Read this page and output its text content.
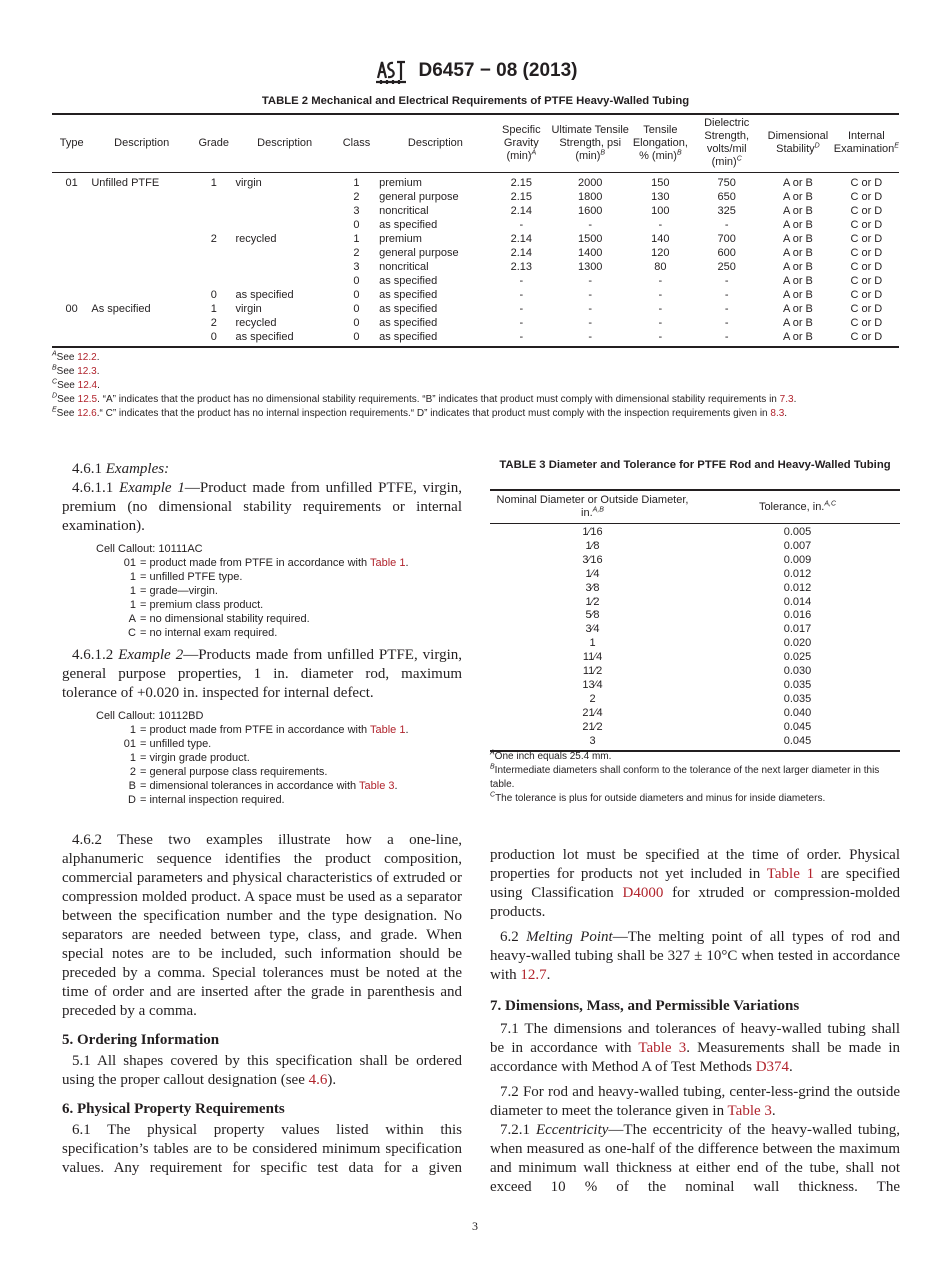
D6457 − 08 (2013)
TABLE 2 Mechanical and Electrical Requirements of PTFE Heavy-Walled Tubing
Type	Description	Grade	Description	Class	Description	Specific Gravity (min)$^A$	Ultimate Tensile Strength, psi (min)$^B$	Tensile Elongation, % (min)$^B$	Dielectric Strength, volts/mil (min)$^C$	Dimensional Stability$^D$	Internal Examination$^E$
01	Unfilled PTFE	1	virgin	1	premium	2.15	2000	150	750	A or B	C or D
				2	general purpose	2.15	1800	130	650	A or B	C or D
				3	noncritical	2.14	1600	100	325	A or B	C or D
				0	as specified	-	-	-	-	A or B	C or D
		2	recycled	1	premium	2.14	1500	140	700	A or B	C or D
				2	general purpose	2.14	1400	120	600	A or B	C or D
				3	noncritical	2.13	1300	80	250	A or B	C or D
				0	as specified	-	-	-	-	A or B	C or D
		0	as specified	0	as specified	-	-	-	-	A or B	C or D
00	As specified	1	virgin	0	as specified	-	-	-	-	A or B	C or D
		2	recycled	0	as specified	-	-	-	-	A or B	C or D
		0	as specified	0	as specified	-	-	-	-	A or B	C or D
$^A$See 12.2.
$^B$See 12.3.
$^C$See 12.4.
$^D$See 12.5. “A” indicates that the product has no dimensional stability requirements. “B” indicates that product must comply with dimensional stability requirements in 7.3.
$^E$See 12.6.“ C” indicates that the product has no internal inspection requirements.“ D” indicates that product must comply with the inspection requirements given in 8.3.

4.6.1 Examples:

4.6.1.1 Example 1—Product made from unfilled PTFE, virgin, premium (no dimensional stability requirements or internal examination).

Cell Callout: 10111AC
01 = product made from PTFE in accordance with Table 1.
1 = unfilled PTFE type.
1 = grade—virgin.
1 = premium class product.
A = no dimensional stability required.
C = no internal exam required.

4.6.1.2 Example 2—Products made from unfilled PTFE, virgin, general purpose properties, 1 in. diameter rod, maximum tolerance of +0.020 in. inspected for internal defect.

Cell Callout: 10112BD
1 = product made from PTFE in accordance with Table 1.
01 = unfilled type.
1 = virgin grade product.
2 = general purpose class requirements.
B = dimensional tolerances in accordance with Table 3.
D = internal inspection required.

4.6.2 These two examples illustrate how a one-line, alphanumeric sequence identifies the product composition, commercial parameters and physical characteristics of extruded or compression molded product. A space must be used as a separator between the specification number and the type designation. No separators are needed between type, class, and grade. When special notes are to be included, such information should be preceded by a comma. Special tolerances must be noted at the time of order and are inserted after the grade in parenthesis and preceded by a comma.

5. Ordering Information

5.1 All shapes covered by this specification shall be ordered using the proper callout designation (see 4.6).

6. Physical Property Requirements

6.1 The physical property values listed within this specification’s tables are to be considered minimum specification values. Any requirement for specific test data for a given

TABLE 3 Diameter and Tolerance for PTFE Rod and Heavy-Walled Tubing
Nominal Diameter or Outside Diameter, in.$^{A,B}$	Tolerance, in.$^{A,C}$
1⁄16	0.005
1⁄8	0.007
3⁄16	0.009
1⁄4	0.012
3⁄8	0.012
1⁄2	0.014
5⁄8	0.016
3⁄4	0.017
1	0.020
11⁄4	0.025
11⁄2	0.030
13⁄4	0.035
2	0.035
21⁄4	0.040
21⁄2	0.045
3	0.045
$^A$One inch equals 25.4 mm.
$^B$Intermediate diameters shall conform to the tolerance of the next larger diameter in this table.
$^C$The tolerance is plus for outside diameters and minus for inside diameters.

production lot must be specified at the time of order. Physical properties for products not yet included in Table 1 are specified using Classification D4000 for xtruded or compression-molded products.

6.2 Melting Point—The melting point of all types of rod and heavy-walled tubing shall be 327 ± 10°C when tested in accordance with 12.7.

7. Dimensions, Mass, and Permissible Variations

7.1 The dimensions and tolerances of heavy-walled tubing shall be in accordance with Table 3. Measurements shall be made in accordance with Method A of Test Methods D374.

7.2 For rod and heavy-walled tubing, center-less-grind the outside diameter to meet the tolerance given in Table 3.

7.2.1 Eccentricity—The eccentricity of the heavy-walled tubing, when measured as one-half of the difference between the maximum and minimum wall thickness at either end of the tube, shall not exceed 10 % of the nominal wall thickness. The

3
